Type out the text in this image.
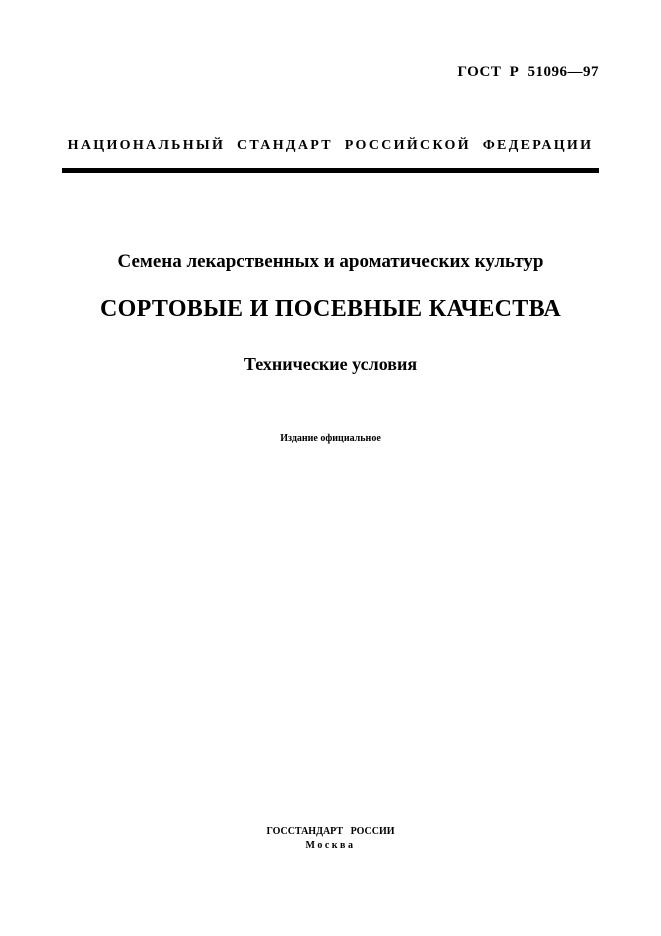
ГОСТ Р 51096—97
НАЦИОНАЛЬНЫЙ СТАНДАРТ РОССИЙСКОЙ ФЕДЕРАЦИИ
Семена лекарственных и ароматических культур
СОРТОВЫЕ И ПОСЕВНЫЕ КАЧЕСТВА
Технические условия
Издание официальное
ГОССТАНДАРТ РОССИИ
Москва
